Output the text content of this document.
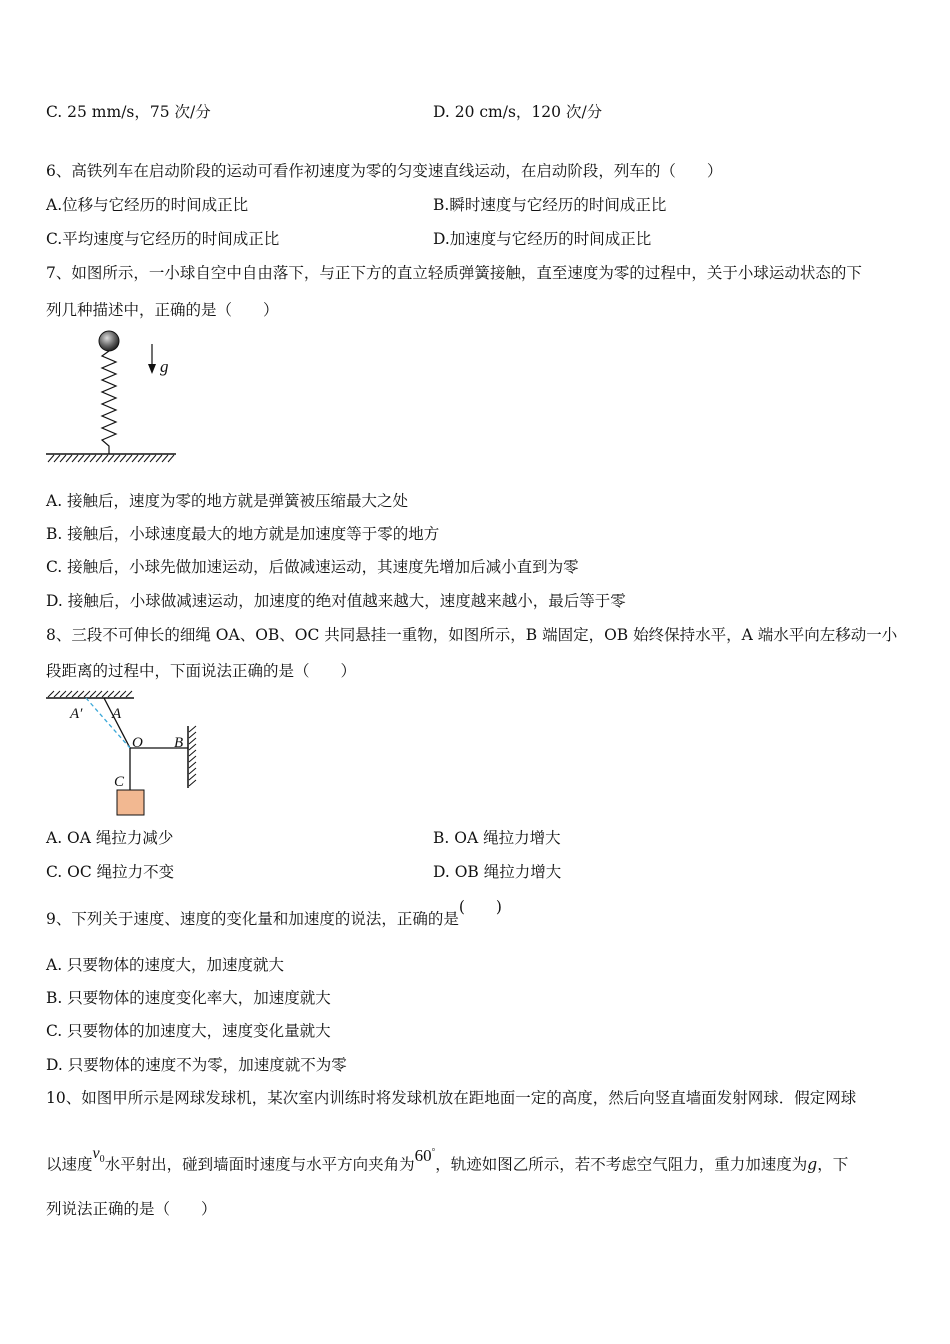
C. 25 mm/s，75 次/分	D. 20 cm/s，120 次/分
6、高铁列车在启动阶段的运动可看作初速度为零的匀变速直线运动，在启动阶段，列车的（　　）
A.位移与它经历的时间成正比	B.瞬时速度与它经历的时间成正比
C.平均速度与它经历的时间成正比	D.加速度与它经历的时间成正比
7、如图所示，一小球自空中自由落下，与正下方的直立轻质弹簧接触，直至速度为零的过程中，关于小球运动状态的下
列几种描述中，正确的是（　　）
g
A. 接触后，速度为零的地方就是弹簧被压缩最大之处
B. 接触后，小球速度最大的地方就是加速度等于零的地方
C. 接触后，小球先做加速运动，后做减速运动，其速度先增加后减小直到为零
D. 接触后，小球做减速运动，加速度的绝对值越来越大，速度越来越小，最后等于零
8、三段不可伸长的细绳 OA、OB、OC 共同悬挂一重物，如图所示，B 端固定，OB 始终保持水平，A 端水平向左移动一小
段距离的过程中，下面说法正确的是（　　）
A′ A
O B
C
A. OA 绳拉力减少	B. OA 绳拉力增大
C. OC 绳拉力不变	D. OB 绳拉力增大
9、下列关于速度、速度的变化量和加速度的说法，正确的是(　　)
A. 只要物体的速度大，加速度就大
B. 只要物体的速度变化率大，加速度就大
C. 只要物体的加速度大，速度变化量就大
D. 只要物体的速度不为零，加速度就不为零
10、如图甲所示是网球发球机，某次室内训练时将发球机放在距地面一定的高度，然后向竖直墙面发射网球．假定网球
以速度$v_0$水平射出，碰到墙面时速度与水平方向夹角为60°，轨迹如图乙所示，若不考虑空气阻力，重力加速度为g，下
列说法正确的是（　　）
